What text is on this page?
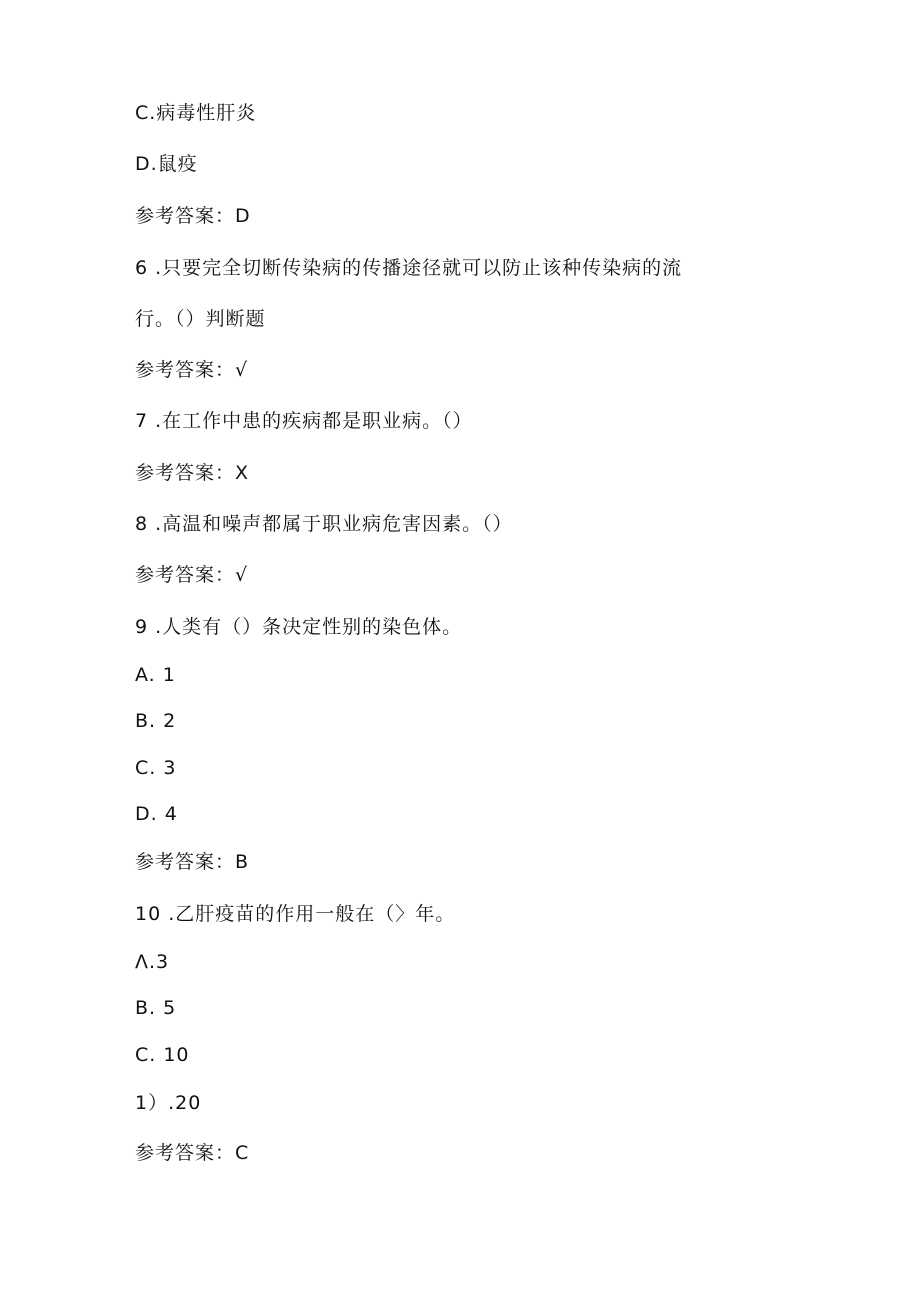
C.病毒性肝炎
D.鼠疫
参考答案：D
6 .只要完全切断传染病的传播途径就可以防止该种传染病的流
行。（）判断题
参考答案：√
7 .在工作中患的疾病都是职业病。（）
参考答案：X
8 .高温和噪声都属于职业病危害因素。（）
参考答案：√
9 .人类有（）条决定性别的染色体。
A. 1
B. 2
C. 3
D. 4
参考答案：B
10 .乙肝疫苗的作用一般在（〉年。
Λ.3
B. 5
C. 10
1）.20
参考答案：C
